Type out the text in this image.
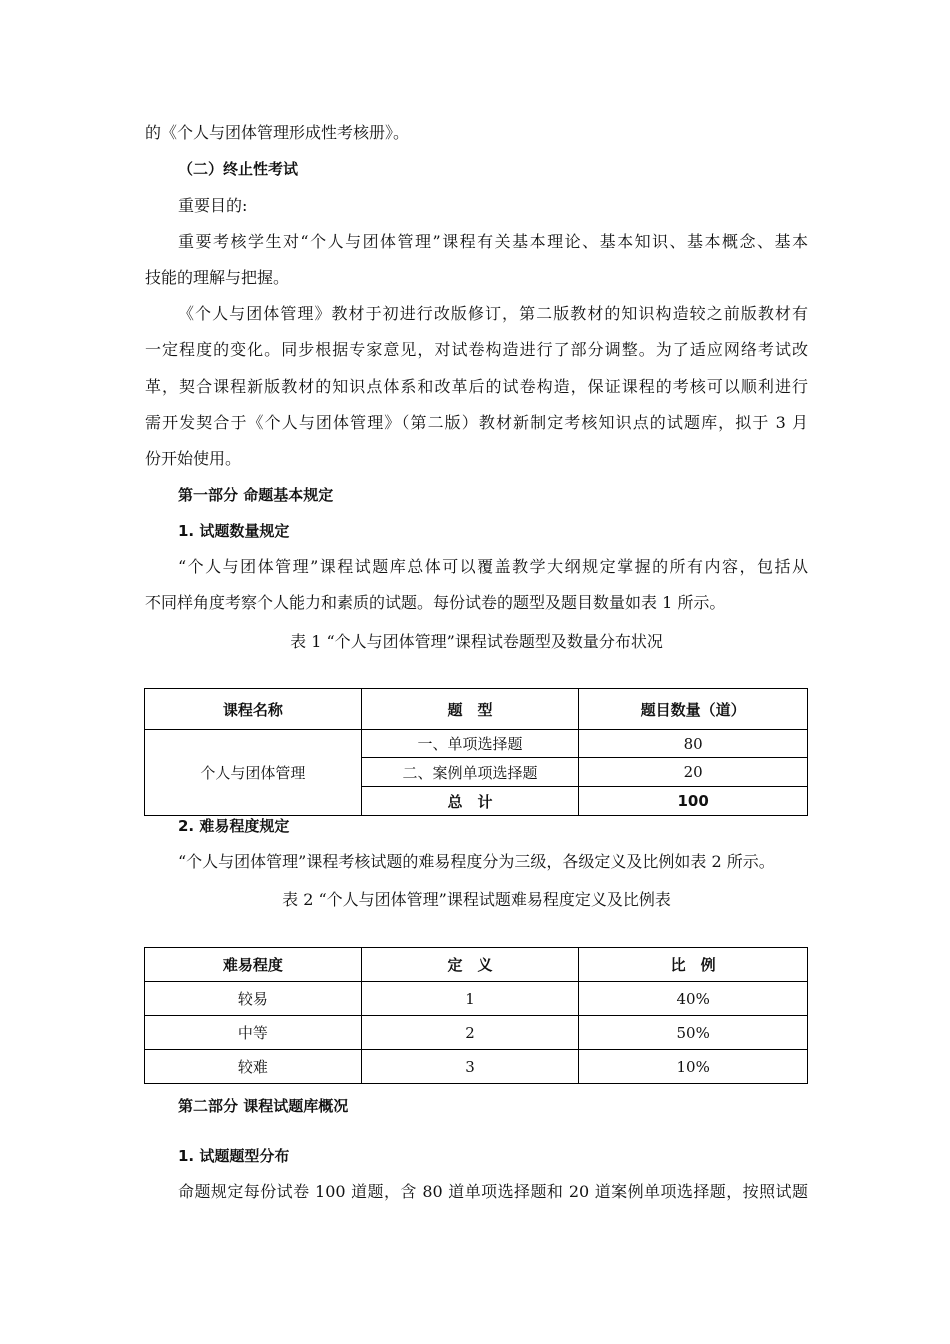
的《个人与团体管理形成性考核册》。
（二）终止性考试
重要目的:
重要考核学生对“个人与团体管理”课程有关基本理论、基本知识、基本概念、基本
技能的理解与把握。
《个人与团体管理》教材于初进行改版修订，第二版教材的知识构造较之前版教材有
一定程度的变化。同步根据专家意见，对试卷构造进行了部分调整。为了适应网络考试改
革，契合课程新版教材的知识点体系和改革后的试卷构造，保证课程的考核可以顺利进行
需开发契合于《个人与团体管理》（第二版）教材新制定考核知识点的试题库，拟于 3 月
份开始使用。
第一部分 命题基本规定
1. 试题数量规定
“个人与团体管理”课程试题库总体可以覆盖教学大纲规定掌握的所有内容，包括从
不同样角度考察个人能力和素质的试题。每份试卷的题型及题目数量如表 1 所示。
表 1 “个人与团体管理”课程试卷题型及数量分布状况
课程名称	题　型	题目数量（道）
个人与团体管理	一、单项选择题	80
	二、案例单项选择题	20
	总　计	100
2. 难易程度规定
“个人与团体管理”课程考核试题的难易程度分为三级，各级定义及比例如表 2 所示。
表 2 “个人与团体管理”课程试题难易程度定义及比例表
难易程度	定　义	比　例
较易	1	40%
中等	2	50%
较难	3	10%
第二部分 课程试题库概况
1. 试题题型分布
命题规定每份试卷 100 道题，含 80 道单项选择题和 20 道案例单项选择题，按照试题
